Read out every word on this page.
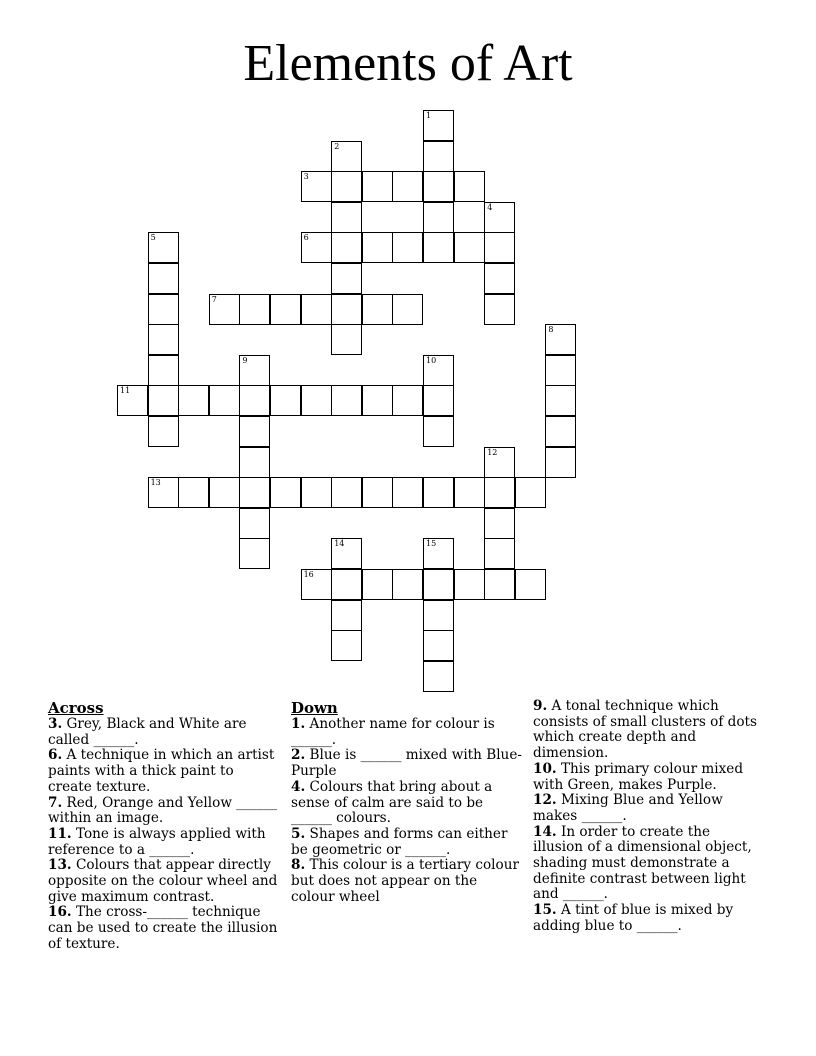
Elements of Art
1
2
3
4
5	6
7
8
9	10
11
12
13
14	15
16
Across

3. Grey, Black and White are called ______.

6. A technique in which an artist paints with a thick paint to create texture.

7. Red, Orange and Yellow ______ within an image.

11. Tone is always applied with reference to a ______.

13. Colours that appear directly opposite on the colour wheel and give maximum contrast.

16. The cross-______ technique can be used to create the illusion of texture.

Down

1. Another name for colour is ______.

2. Blue is ______ mixed with Blue-Purple

4. Colours that bring about a sense of calm are said to be ______ colours.

5. Shapes and forms can either be geometric or ______.

8. This colour is a tertiary colour but does not appear on the colour wheel

9. A tonal technique which consists of small clusters of dots which create depth and dimension.

10. This primary colour mixed with Green, makes Purple.

12. Mixing Blue and Yellow makes ______.

14. In order to create the illusion of a dimensional object, shading must demonstrate a definite contrast between light and ______.

15. A tint of blue is mixed by adding blue to ______.
